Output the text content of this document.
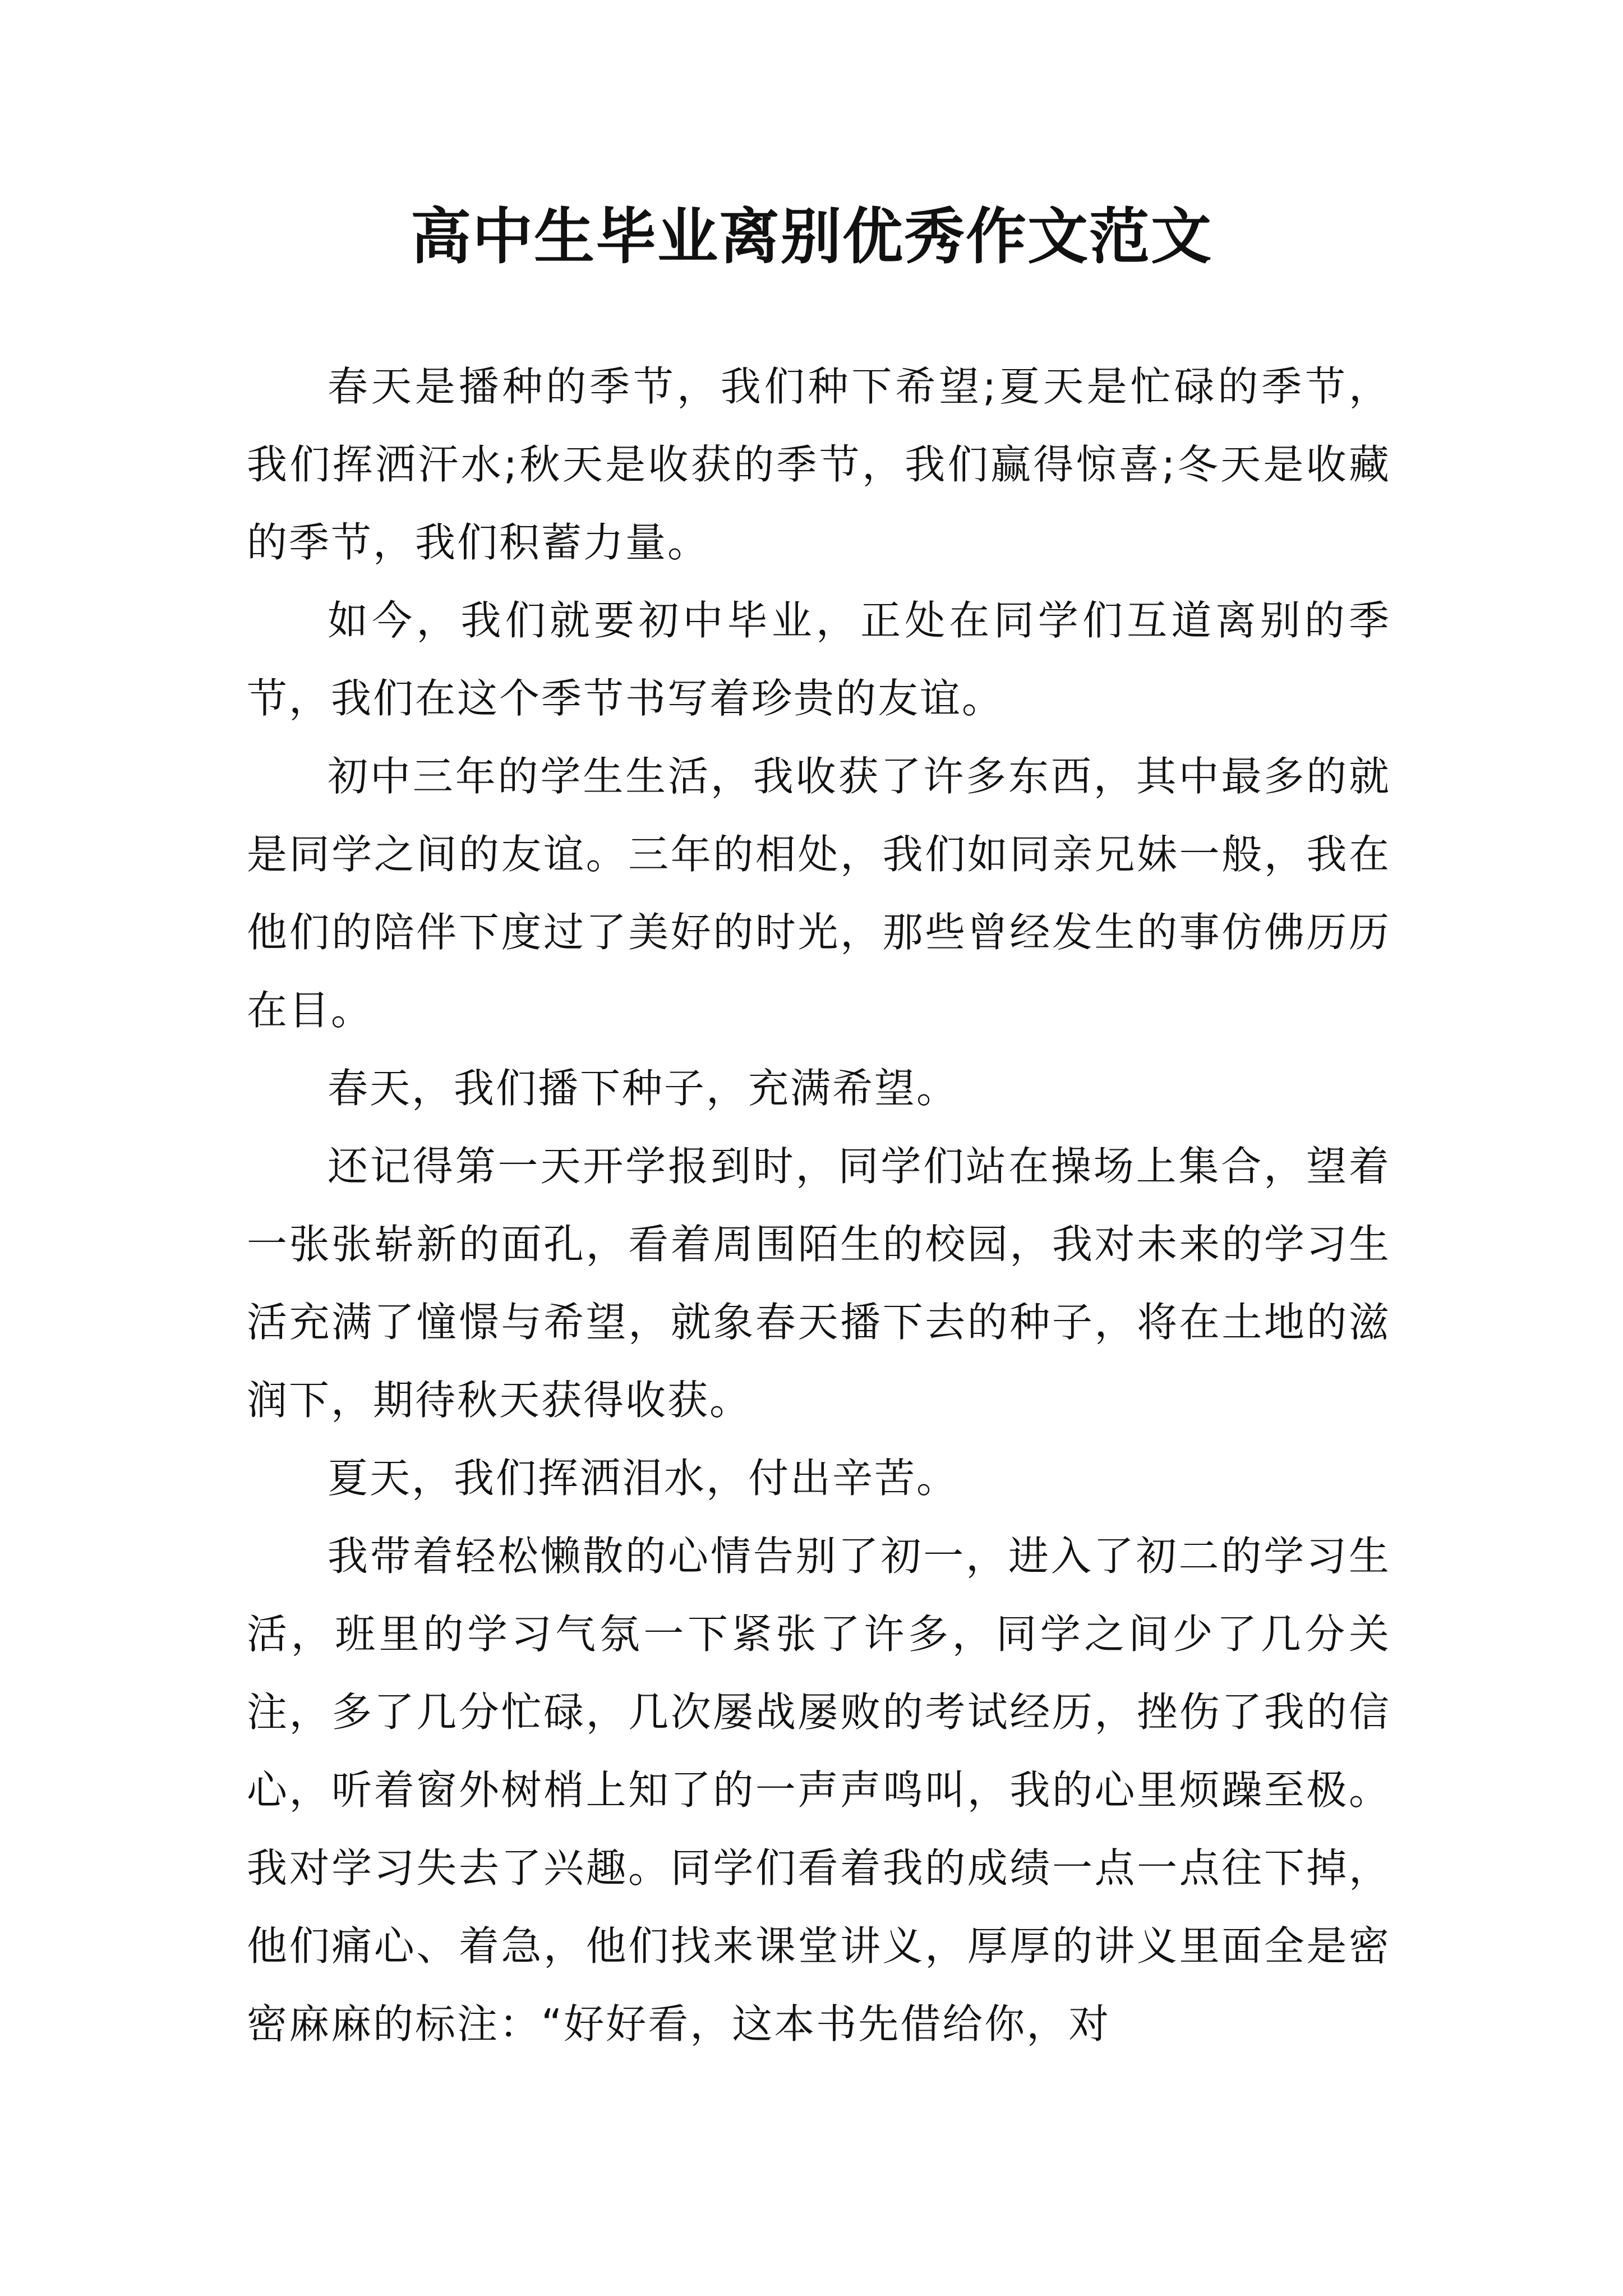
高中生毕业离别优秀作文范文

春天是播种的季节，我们种下希望;夏天是忙碌的季节，我们挥洒汗水;秋天是收获的季节，我们赢得惊喜;冬天是收藏的季节，我们积蓄力量。

如今，我们就要初中毕业，正处在同学们互道离别的季节，我们在这个季节书写着珍贵的友谊。

初中三年的学生生活，我收获了许多东西，其中最多的就是同学之间的友谊。三年的相处，我们如同亲兄妹一般，我在他们的陪伴下度过了美好的时光，那些曾经发生的事仿佛历历在目。

春天，我们播下种子，充满希望。

还记得第一天开学报到时，同学们站在操场上集合，望着一张张崭新的面孔，看着周围陌生的校园，我对未来的学习生活充满了憧憬与希望，就象春天播下去的种子，将在土地的滋润下，期待秋天获得收获。

夏天，我们挥洒泪水，付出辛苦。

我带着轻松懒散的心情告别了初一，进入了初二的学习生活，班里的学习气氛一下紧张了许多，同学之间少了几分关注，多了几分忙碌，几次屡战屡败的考试经历，挫伤了我的信心，听着窗外树梢上知了的一声声鸣叫，我的心里烦躁至极。我对学习失去了兴趣。同学们看着我的成绩一点一点往下掉，他们痛心、着急，他们找来课堂讲义，厚厚的讲义里面全是密密麻麻的标注：“好好看，这本书先借给你，对
